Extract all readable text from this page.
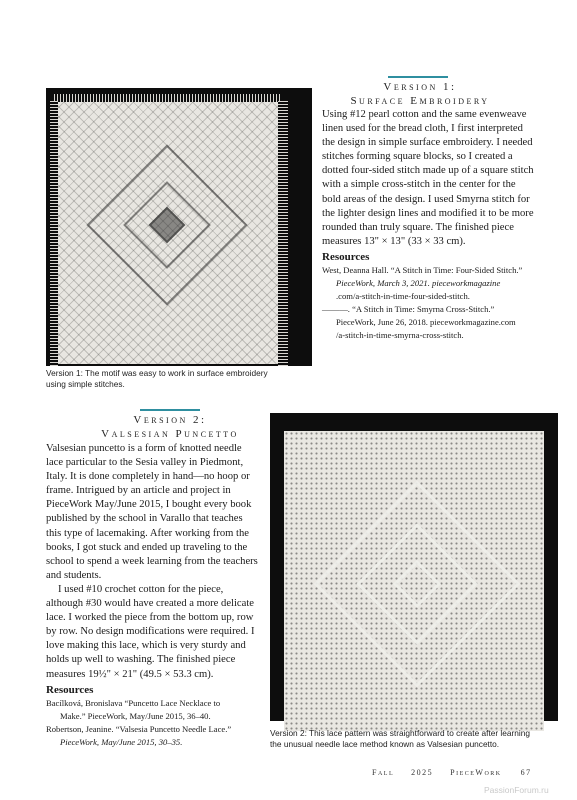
Version 1:
Surface Embroidery

Using #12 pearl cotton and the same evenweave linen used for the bread cloth, I first interpreted the design in simple surface embroidery. I needed stitches forming square blocks, so I created a dotted four-sided stitch made up of a square stitch with a simple cross-stitch in the center for the bold areas of the design. I used Smyrna stitch for the lighter design lines and modified it to be more rounded than truly square. The finished piece measures 13" × 13" (33 × 33 cm).

Resources
West, Deanna Hall. “A Stitch in Time: Four-Sided Stitch.”
PieceWork, March 3, 2021. pieceworkmagazine
.com/a-stitch-in-time-four-sided-stitch.
———. “A Stitch in Time: Smyrna Cross-Stitch.”
PieceWork, June 26, 2018. pieceworkmagazine.com
/a-stitch-in-time-smyrna-cross-stitch.
Version 1: The motif was easy to work in surface embroidery using simple stitches.
Version 2:
Valsesian Puncetto

Valsesian puncetto is a form of knotted needle lace particular to the Sesia valley in Piedmont, Italy. It is done completely in hand—no hoop or frame. Intrigued by an article and project in PieceWork May/June 2015, I bought every book published by the school in Varallo that teaches this type of lacemaking. After working from the books, I got stuck and ended up traveling to the school to spend a week learning from the teachers and students.

I used #10 crochet cotton for the piece, although #30 would have created a more delicate lace. I worked the piece from the bottom up, row by row. No design modifications were required. I love making this lace, which is very sturdy and holds up well to washing. The finished piece measures 19½" × 21" (49.5 × 53.3 cm).

Resources
Bacílková, Bronislava “Puncetto Lace Necklace to
Make.” PieceWork, May/June 2015, 36–40.
Robertson, Jeanine. “Valsesia Puncetto Needle Lace.”
PieceWork, May/June 2015, 30–35.
Version 2: This lace pattern was straightforward to create after learning the unusual needle lace method known as Valsesian puncetto.
Fall 2025 PieceWork 67
PassionForum.ru
